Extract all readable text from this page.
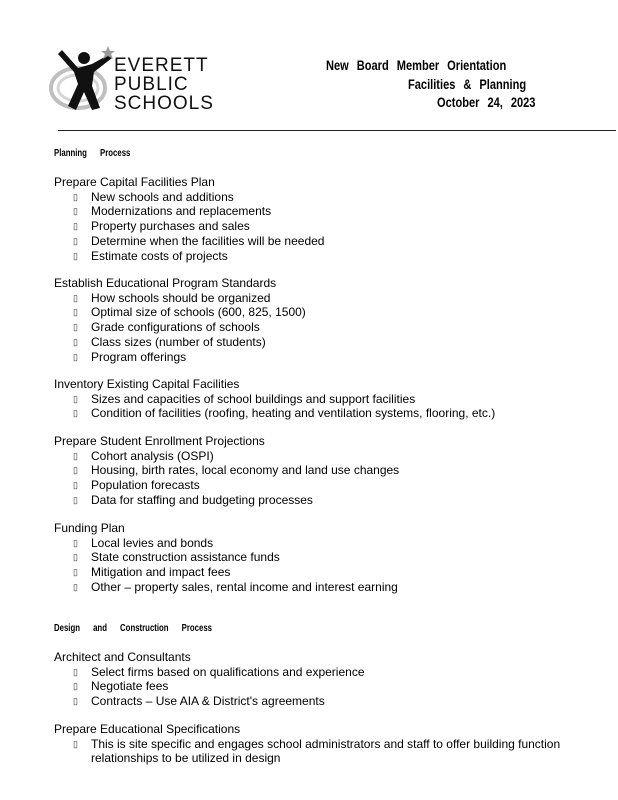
EVERETT
PUBLIC
SCHOOLS
New Board Member Orientation
Facilities & Planning
October 24, 2023
Planning Process
Prepare Capital Facilities Plan
▯ New schools and additions
▯ Modernizations and replacements
▯ Property purchases and sales
▯ Determine when the facilities will be needed
▯ Estimate costs of projects
Establish Educational Program Standards
▯ How schools should be organized
▯ Optimal size of schools (600, 825, 1500)
▯ Grade configurations of schools
▯ Class sizes (number of students)
▯ Program offerings
Inventory Existing Capital Facilities
▯ Sizes and capacities of school buildings and support facilities
▯ Condition of facilities (roofing, heating and ventilation systems, flooring, etc.)
Prepare Student Enrollment Projections
▯ Cohort analysis (OSPI)
▯ Housing, birth rates, local economy and land use changes
▯ Population forecasts
▯ Data for staffing and budgeting processes
Funding Plan
▯ Local levies and bonds
▯ State construction assistance funds
▯ Mitigation and impact fees
▯ Other – property sales, rental income and interest earning
Design and Construction Process
Architect and Consultants
▯ Select firms based on qualifications and experience
▯ Negotiate fees
▯ Contracts – Use AIA & District's agreements
Prepare Educational Specifications
▯ This is site specific and engages school administrators and staff to offer building function relationships to be utilized in design
